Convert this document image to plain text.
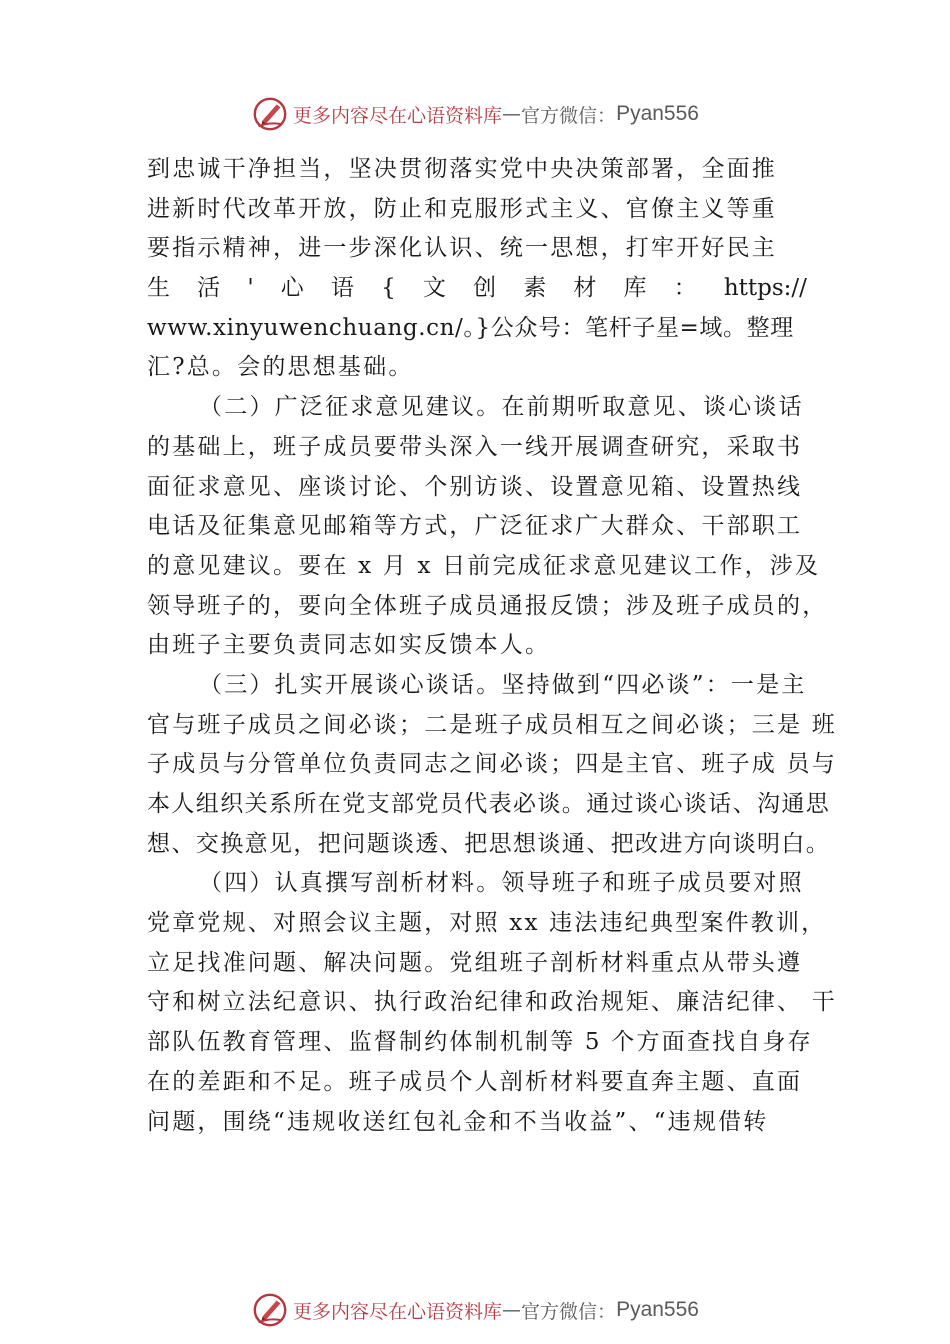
更多内容尽在心语资料库 — 官方微信： Pyan556
到忠诚干净担当，坚决贯彻落实党中央决策部署，全面推
进新时代改革开放，防止和克服形式主义、官僚主义等重
要指示精神，进一步深化认识、统一思想，打牢开好民主
生 活 ' 心 语 { 文 创 素 材 库 ： https://
www.xinyuwenchuang.cn/。}公众号：笔杆子星=域。整理
汇?总。会的思想基础。
（二）广泛征求意见建议。在前期听取意见、谈心谈话
的基础上，班子成员要带头深入一线开展调查研究，采取书
面征求意见、座谈讨论、个别访谈、设置意见箱、设置热线
电话及征集意见邮箱等方式，广泛征求广大群众、干部职工
的意见建议。要在 x 月 x 日前完成征求意见建议工作，涉及
领导班子的，要向全体班子成员通报反馈；涉及班子成员的，
由班子主要负责同志如实反馈本人。
（三）扎实开展谈心谈话。坚持做到“四必谈”：一是主
官与班子成员之间必谈；二是班子成员相互之间必谈；三是 班
子成员与分管单位负责同志之间必谈；四是主官、班子成 员与
本人组织关系所在党支部党员代表必谈。通过谈心谈话、沟通思
想、交换意见，把问题谈透、把思想谈通、把改进方向谈明白。
（四）认真撰写剖析材料。领导班子和班子成员要对照
党章党规、对照会议主题，对照 xx 违法违纪典型案件教训，
立足找准问题、解决问题。党组班子剖析材料重点从带头遵
守和树立法纪意识、执行政治纪律和政治规矩、廉洁纪律、 干
部队伍教育管理、监督制约体制机制等 5 个方面查找自身存
在的差距和不足。班子成员个人剖析材料要直奔主题、直面
问题，围绕“违规收送红包礼金和不当收益”、“违规借转
更多内容尽在心语资料库 — 官方微信： Pyan556
